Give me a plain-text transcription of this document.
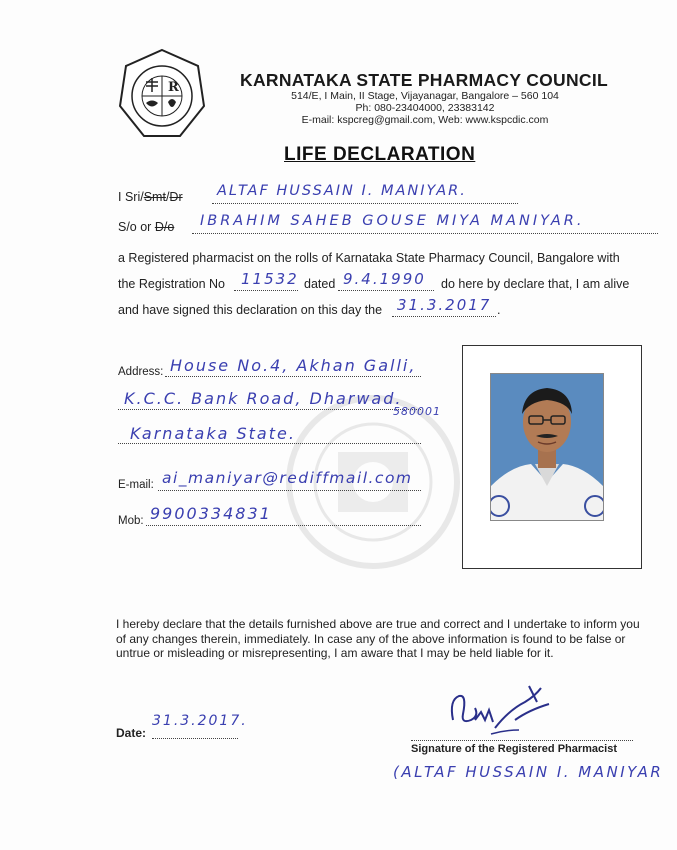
R	KARNATAKA STATE PHARMACY COUNCIL
514/E, I Main, II Stage, Vijayanagar, Bangalore – 560 104
Ph: 080-23404000, 23383142
E-mail: kspcreg@gmail.com, Web: www.kspcdic.com
LIFE DECLARATION
I Sri/Smt/Dr ALTAF HUSSAIN I. MANIYAR.
S/o or D/o IBRAHIM SAHEB GOUSE MIYA MANIYAR.
a Registered pharmacist on the rolls of Karnataka State Pharmacy Council, Bangalore with
the Registration No 11532 dated 9.4.1990 do here by declare that, I am alive
and have signed this declaration on this day the 31.3.2017 .
Address: House No.4, Akhan Galli,
K.C.C. Bank Road, Dharwad.
580001
Karnataka State.
E-mail: ai_maniyar@rediffmail.com
Mob: 9900334831
I hereby declare that the details furnished above are true and correct and I undertake to inform you of any changes therein, immediately. In case any of the above information is found to be false or untrue or misleading or misrepresenting, I am aware that I may be held liable for it.
Date:
31.3.2017.
Signature of the Registered Pharmacist
(ALTAF HUSSAIN I. MANIYAR
